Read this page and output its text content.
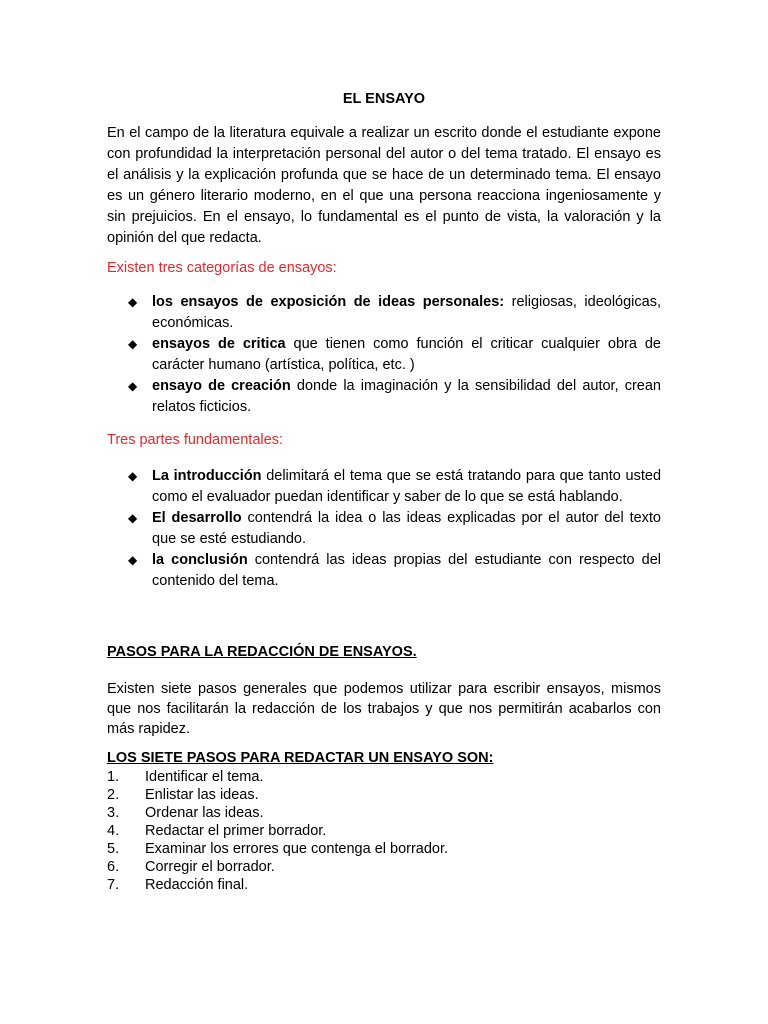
EL ENSAYO

En el campo de la literatura equivale a realizar un escrito donde el estudiante expone con profundidad la interpretación personal del autor o del tema tratado. El ensayo es el análisis y la explicación profunda que se hace de un determinado tema. El ensayo es un género literario moderno, en el que una persona reacciona ingeniosamente y sin prejuicios. En el ensayo, lo fundamental es el punto de vista, la valoración y la opinión del que redacta.

Existen tres categorías de ensayos:

◆ los ensayos de exposición de ideas personales: religiosas, ideológicas, económicas.
◆ ensayos de critica que tienen como función el criticar cualquier obra de carácter humano (artística, política, etc. )
◆ ensayo de creación donde la imaginación y la sensibilidad del autor, crean relatos ficticios.

Tres partes fundamentales:

◆ La introducción delimitará el tema que se está tratando para que tanto usted como el evaluador puedan identificar y saber de lo que se está hablando.
◆ El desarrollo contendrá la idea o las ideas explicadas por el autor del texto que se esté estudiando.
◆ la conclusión contendrá las ideas propias del estudiante con respecto del contenido del tema.

PASOS PARA LA REDACCIÓN DE ENSAYOS.

Existen siete pasos generales que podemos utilizar para escribir ensayos, mismos que nos facilitarán la redacción de los trabajos y que nos permitirán acabarlos con más rapidez.

LOS SIETE PASOS PARA REDACTAR UN ENSAYO SON:

1. Identificar el tema.
2. Enlistar las ideas.
3. Ordenar las ideas.
4. Redactar el primer borrador.
5. Examinar los errores que contenga el borrador.
6. Corregir el borrador.
7. Redacción final.
